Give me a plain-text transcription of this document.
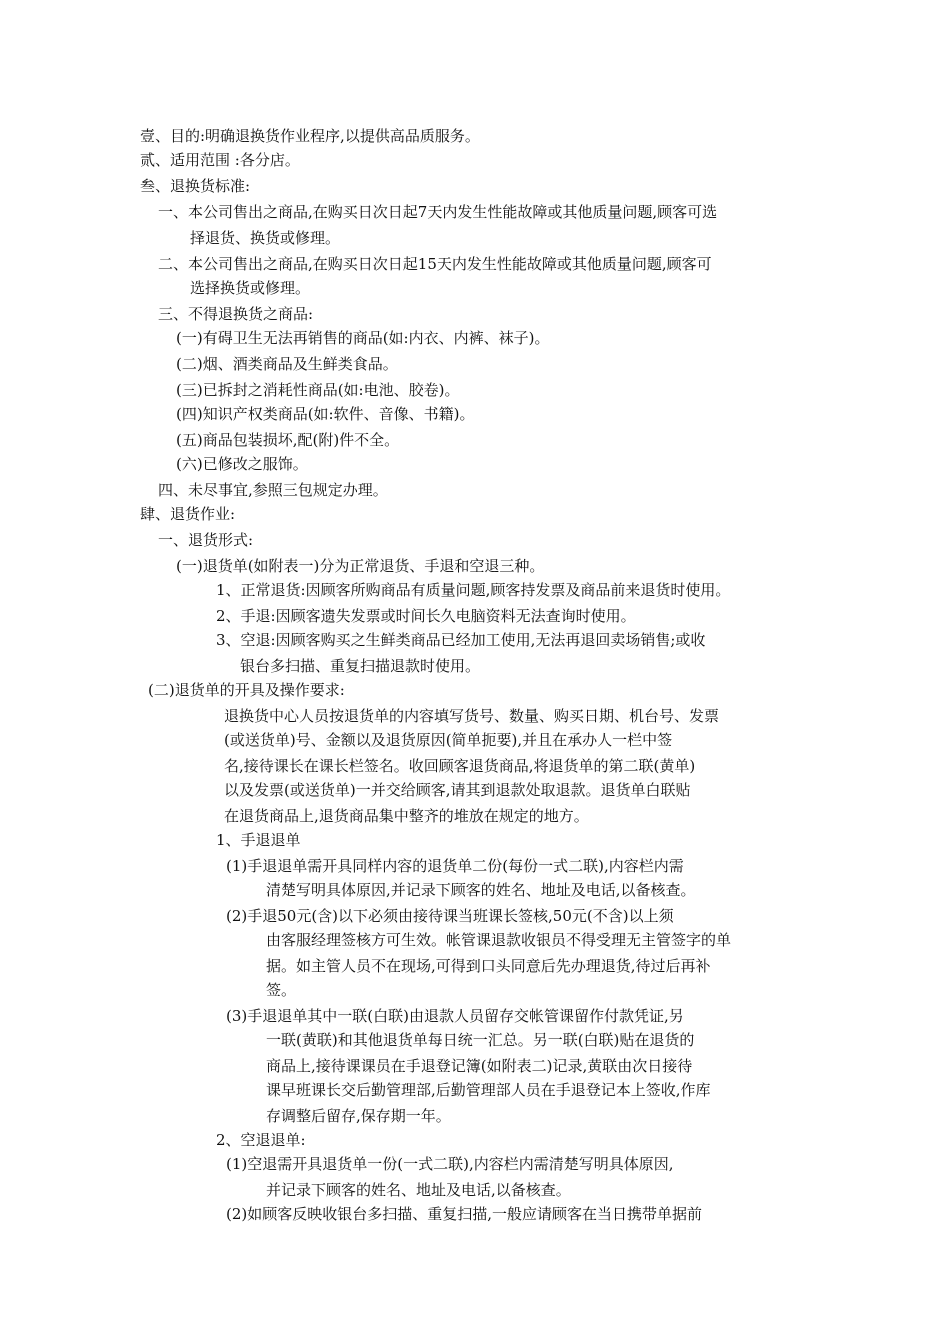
壹、目的:明确退换货作业程序,以提供高品质服务。
贰、适用范围 :各分店。
叁、退换货标准:
一、本公司售出之商品,在购买日次日起7天内发生性能故障或其他质量问题,顾客可选
择退货、换货或修理。
二、本公司售出之商品,在购买日次日起15天内发生性能故障或其他质量问题,顾客可
选择换货或修理。
三、不得退换货之商品:
(一)有碍卫生无法再销售的商品(如:内衣、内裤、袜子)。
(二)烟、酒类商品及生鲜类食品。
(三)已拆封之消耗性商品(如:电池、胶卷)。
(四)知识产权类商品(如:软件、音像、书籍)。
(五)商品包装损坏,配(附)件不全。
(六)已修改之服饰。
四、未尽事宜,参照三包规定办理。
肆、退货作业:
一、退货形式:
(一)退货单(如附表一)分为正常退货、手退和空退三种。
1、正常退货:因顾客所购商品有质量问题,顾客持发票及商品前来退货时使用。
2、手退:因顾客遗失发票或时间长久电脑资料无法查询时使用。
3、空退:因顾客购买之生鲜类商品已经加工使用,无法再退回卖场销售;或收
银台多扫描、重复扫描退款时使用。
(二)退货单的开具及操作要求:
退换货中心人员按退货单的内容填写货号、数量、购买日期、机台号、发票
(或送货单)号、金额以及退货原因(简单扼要),并且在承办人一栏中签
名,接待课长在课长栏签名。收回顾客退货商品,将退货单的第二联(黄单)
以及发票(或送货单)一并交给顾客,请其到退款处取退款。退货单白联贴
在退货商品上,退货商品集中整齐的堆放在规定的地方。
1、手退退单
(1)手退退单需开具同样内容的退货单二份(每份一式二联),内容栏内需
清楚写明具体原因,并记录下顾客的姓名、地址及电话,以备核查。
(2)手退50元(含)以下必须由接待课当班课长签核,50元(不含)以上须
由客服经理签核方可生效。帐管课退款收银员不得受理无主管签字的单
据。如主管人员不在现场,可得到口头同意后先办理退货,待过后再补
签。
(3)手退退单其中一联(白联)由退款人员留存交帐管课留作付款凭证,另
一联(黄联)和其他退货单每日统一汇总。另一联(白联)贴在退货的
商品上,接待课课员在手退登记簿(如附表二)记录,黄联由次日接待
课早班课长交后勤管理部,后勤管理部人员在手退登记本上签收,作库
存调整后留存,保存期一年。
2、空退退单:
(1)空退需开具退货单一份(一式二联),内容栏内需清楚写明具体原因,
并记录下顾客的姓名、地址及电话,以备核查。
(2)如顾客反映收银台多扫描、重复扫描,一般应请顾客在当日携带单据前
